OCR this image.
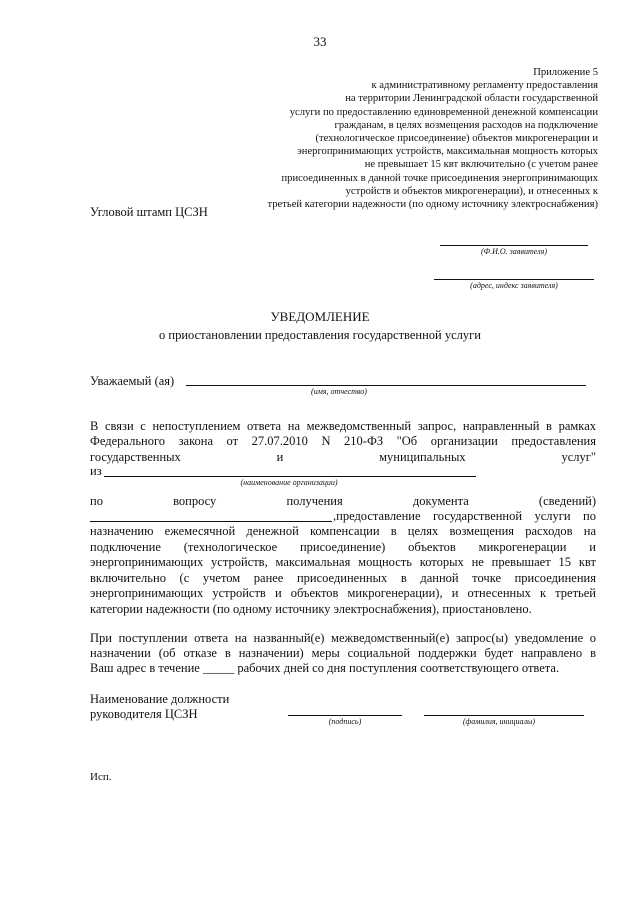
33
Приложение 5
к административному регламенту предоставления
на территории Ленинградской области государственной
услуги по предоставлению единовременной денежной компенсации
гражданам, в целях возмещения расходов на подключение
(технологическое присоединение) объектов микрогенерации и
энергопринимающих устройств, максимальная мощность которых
не превышает 15 квт включительно (с учетом ранее
присоединенных в данной точке присоединения энергопринимающих
устройств и объектов микрогенерации), и отнесенных к
третьей категории надежности (по одному источнику электроснабжения)
Угловой штамп ЦСЗН
(Ф.И.О. заявителя)
(адрес, индекс заявителя)
УВЕДОМЛЕНИЕ
о приостановлении предоставления государственной услуги
Уважаемый (ая)
(имя, отчество)
В связи с непоступлением ответа на межведомственный запрос, направленный в рамках
Федерального закона от 27.07.2010 N 210-ФЗ "Об организации предоставления
государственных и муниципальных услуг"
из
(наименование организации)
по вопросу получения документа (сведений)
,предоставление государственной услуги по
назначению ежемесячной денежной компенсации в целях возмещения расходов на
подключение (технологическое присоединение) объектов микрогенерации и
энергопринимающих устройств, максимальная мощность которых не превышает 15 квт
включительно (с учетом ранее присоединенных в данной точке присоединения
энергопринимающих устройств и объектов микрогенерации), и отнесенных к третьей
категории надежности (по одному источнику электроснабжения), приостановлено.
При поступлении ответа на названный(е) межведомственный(е) запрос(ы) уведомление о
назначении (об отказе в назначении) меры социальной поддержки будет направлено в
Ваш адрес в течение _____ рабочих дней со дня поступления соответствующего ответа.
Наименование должности
руководителя ЦСЗН
(подпись)	(фамилия, инициалы)
Исп.
